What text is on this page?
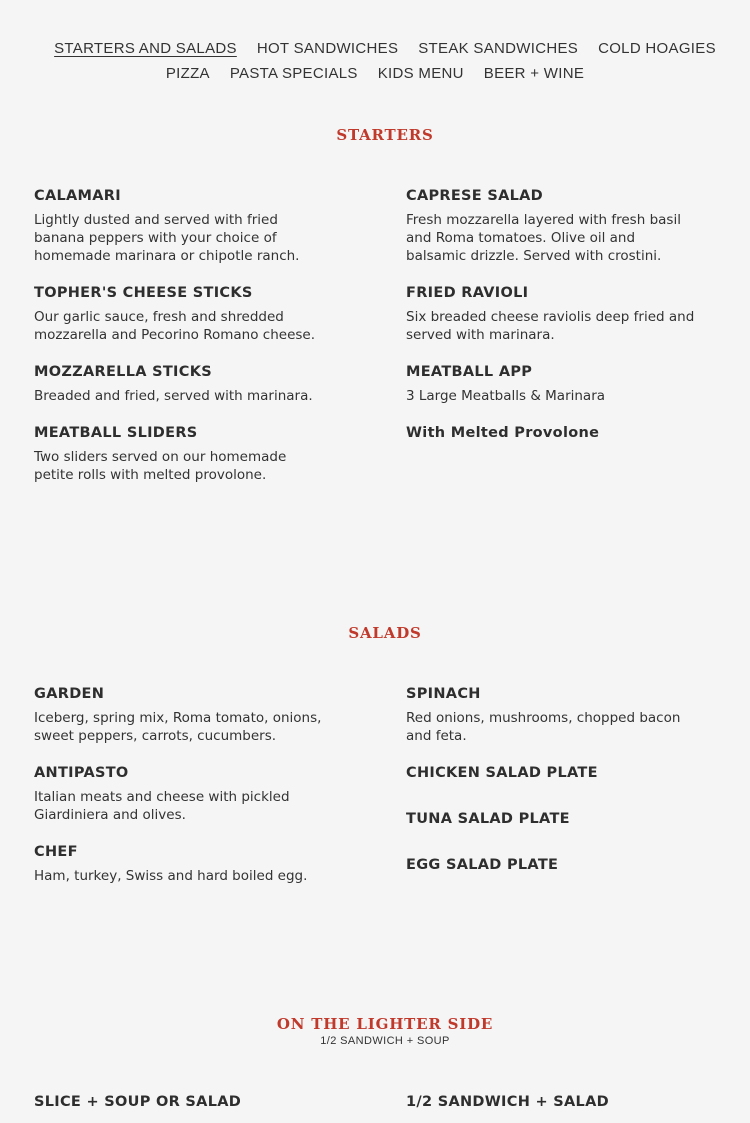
STARTERS AND SALADS HOT SANDWICHES STEAK SANDWICHES COLD HOAGIES
PIZZA PASTA SPECIALS KIDS MENU BEER + WINE
STARTERS
CALAMARI
Lightly dusted and served with fried banana peppers with your choice of homemade marinara or chipotle ranch.
TOPHER'S CHEESE STICKS
Our garlic sauce, fresh and shredded mozzarella and Pecorino Romano cheese.
MOZZARELLA STICKS
Breaded and fried, served with marinara.
MEATBALL SLIDERS
Two sliders served on our homemade petite rolls with melted provolone.
CAPRESE SALAD
Fresh mozzarella layered with fresh basil and Roma tomatoes. Olive oil and balsamic drizzle. Served with crostini.
FRIED RAVIOLI
Six breaded cheese raviolis deep fried and served with marinara.
MEATBALL APP
3 Large Meatballs & Marinara
With Melted Provolone
SALADS
GARDEN
Iceberg, spring mix, Roma tomato, onions, sweet peppers, carrots, cucumbers.
ANTIPASTO
Italian meats and cheese with pickled Giardiniera and olives.
CHEF
Ham, turkey, Swiss and hard boiled egg.
SPINACH
Red onions, mushrooms, chopped bacon and feta.
CHICKEN SALAD PLATE
TUNA SALAD PLATE
EGG SALAD PLATE
ON THE LIGHTER SIDE
1/2 SANDWICH + SOUP
SLICE + SOUP OR SALAD	1/2 SANDWICH + SALAD
